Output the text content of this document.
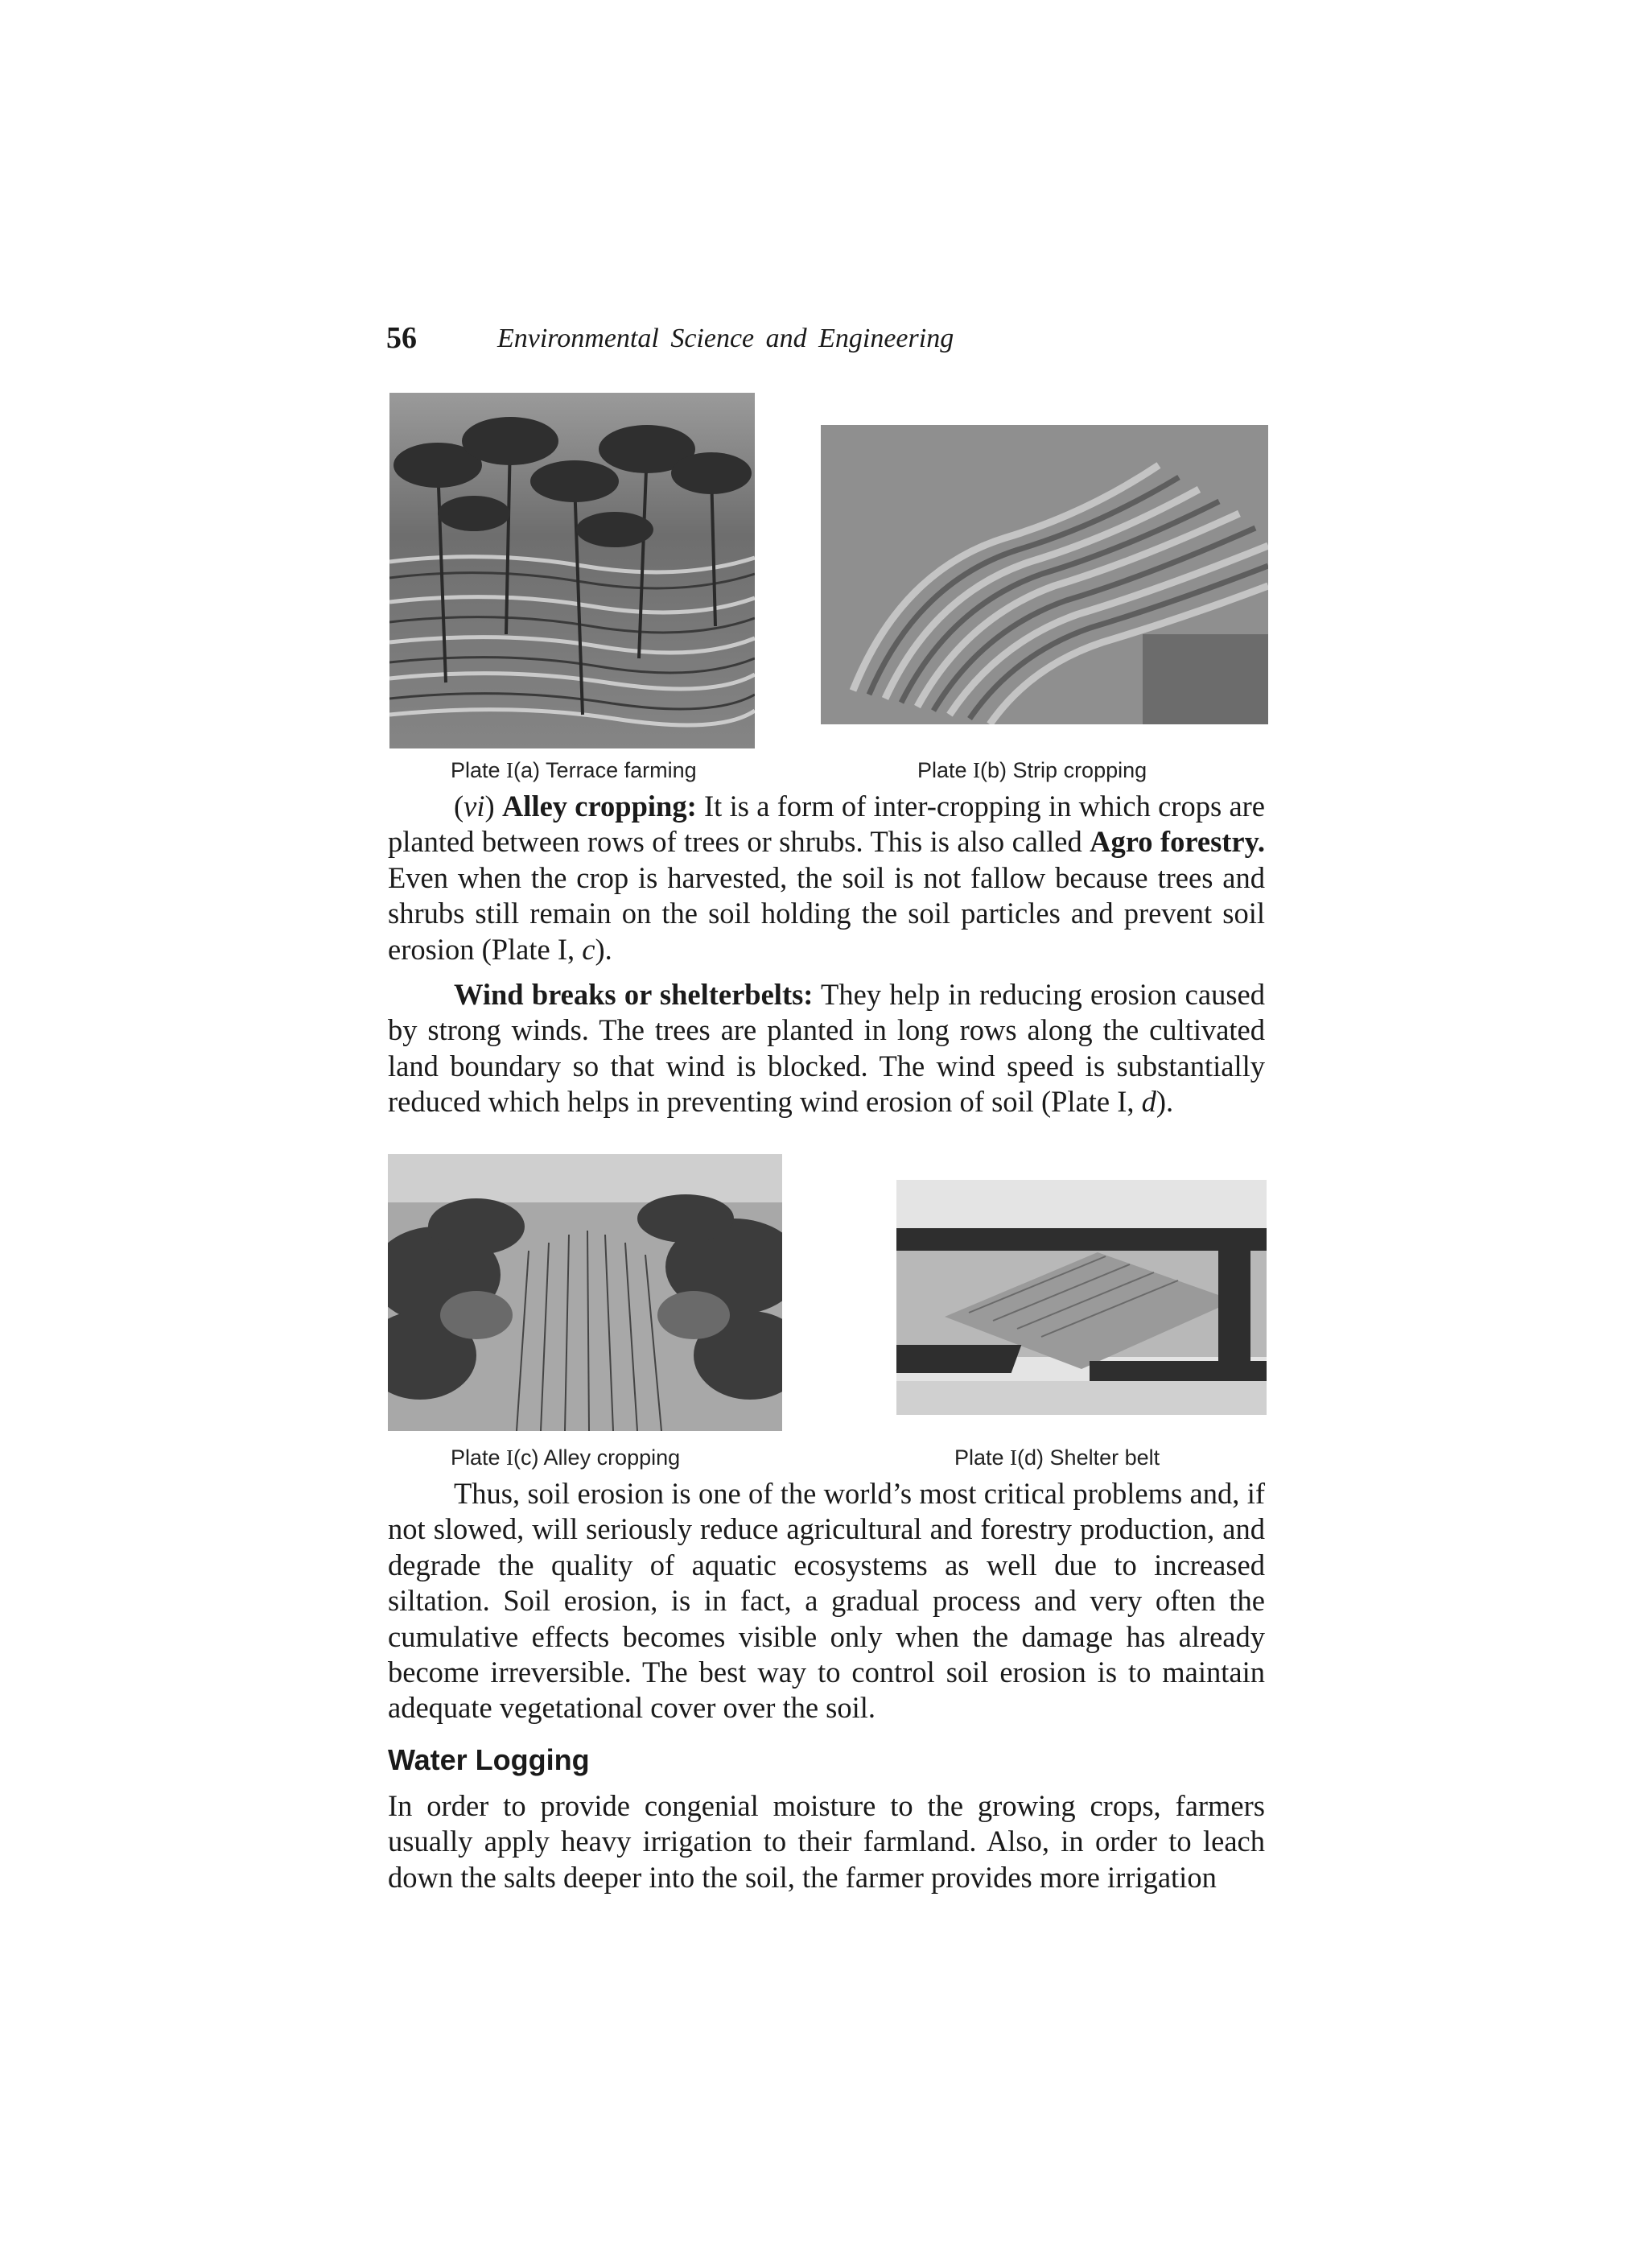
56	Environmental Science and Engineering
Plate I(a) Terrace farming	Plate I(b) Strip cropping

(vi) Alley cropping: It is a form of inter-cropping in which crops are planted between rows of trees or shrubs. This is also called Agro forestry. Even when the crop is harvested, the soil is not fallow because trees and shrubs still remain on the soil holding the soil particles and prevent soil erosion (Plate I, c).

Wind breaks or shelterbelts: They help in reducing erosion caused by strong winds. The trees are planted in long rows along the cultivated land boundary so that wind is blocked. The wind speed is substantially reduced which helps in preventing wind erosion of soil (Plate I, d).

Plate I(c) Alley cropping	Plate I(d) Shelter belt

Thus, soil erosion is one of the world’s most critical problems and, if not slowed, will seriously reduce agricultural and forestry production, and degrade the quality of aquatic ecosystems as well due to increased siltation. Soil erosion, is in fact, a gradual process and very often the cumulative effects becomes visible only when the damage has already become irreversible. The best way to control soil erosion is to maintain adequate vegetational cover over the soil.

Water Logging

In order to provide congenial moisture to the growing crops, farmers usually apply heavy irrigation to their farmland. Also, in order to leach down the salts deeper into the soil, the farmer provides more irrigation
